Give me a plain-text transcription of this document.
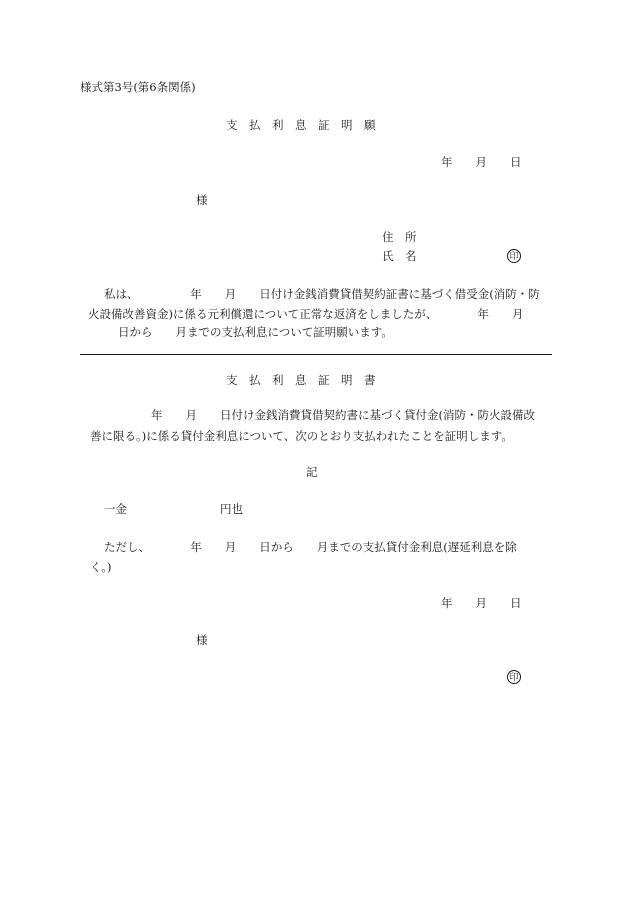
様式第3号(第6条関係)
支　払　利　息　証　明　願
年　　月　　日
様
住　所
氏　名	印
私は、　　　　　年　　月　　日付け金銭消費貸借契約証書に基づく借受金(消防・防
火設備改善資金)に係る元利償還について正常な返済をしましたが、　　　　年　　月
日から　　月までの支払利息について証明願います。
支　払　利　息　証　明　書
年　　月　　日付け金銭消費貸借契約書に基づく貸付金(消防・防火設備改
善に限る。)に係る貸付金利息について、次のとおり支払われたことを証明します。
記
一金	円也
ただし、　　　　年　　月　　日から　　月までの支払貸付金利息(遅延利息を除
く。)
年　　月　　日
様
印
